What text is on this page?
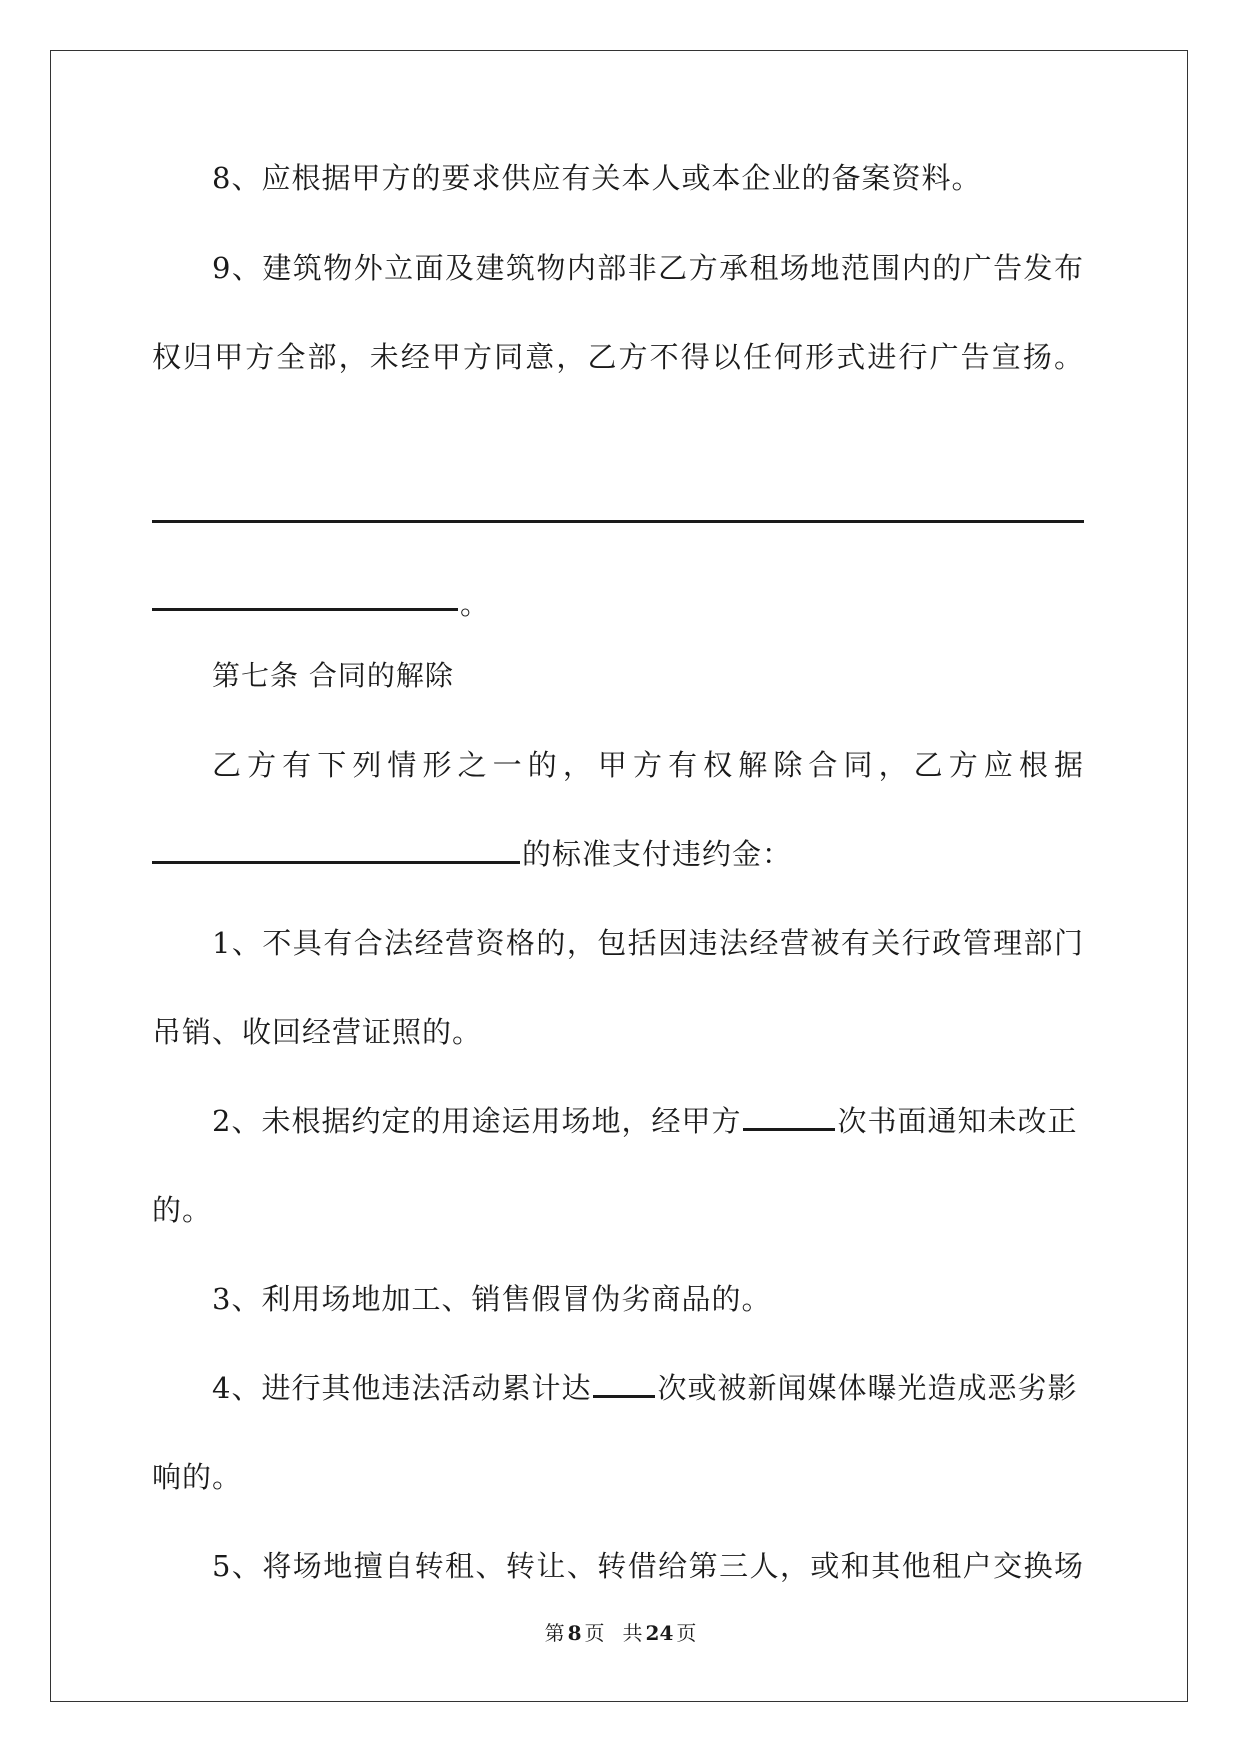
8、应根据甲方的要求供应有关本人或本企业的备案资料。
9、建筑物外立面及建筑物内部非乙方承租场地范围内的广告发布
权归甲方全部，未经甲方同意，乙方不得以任何形式进行广告宣扬。
。
第七条 合同的解除
乙方有下列情形之一的，甲方有权解除合同，乙方应根据
的标准支付违约金：
1、不具有合法经营资格的，包括因违法经营被有关行政管理部门
吊销、收回经营证照的。
2、未根据约定的用途运用场地，经甲方	次书面通知未改正
的。
3、利用场地加工、销售假冒伪劣商品的。
4、进行其他违法活动累计达 次或被新闻媒体曝光造成恶劣影
响的。
5、将场地擅自转租、转让、转借给第三人，或和其他租户交换场
第 8 页 共 24 页
